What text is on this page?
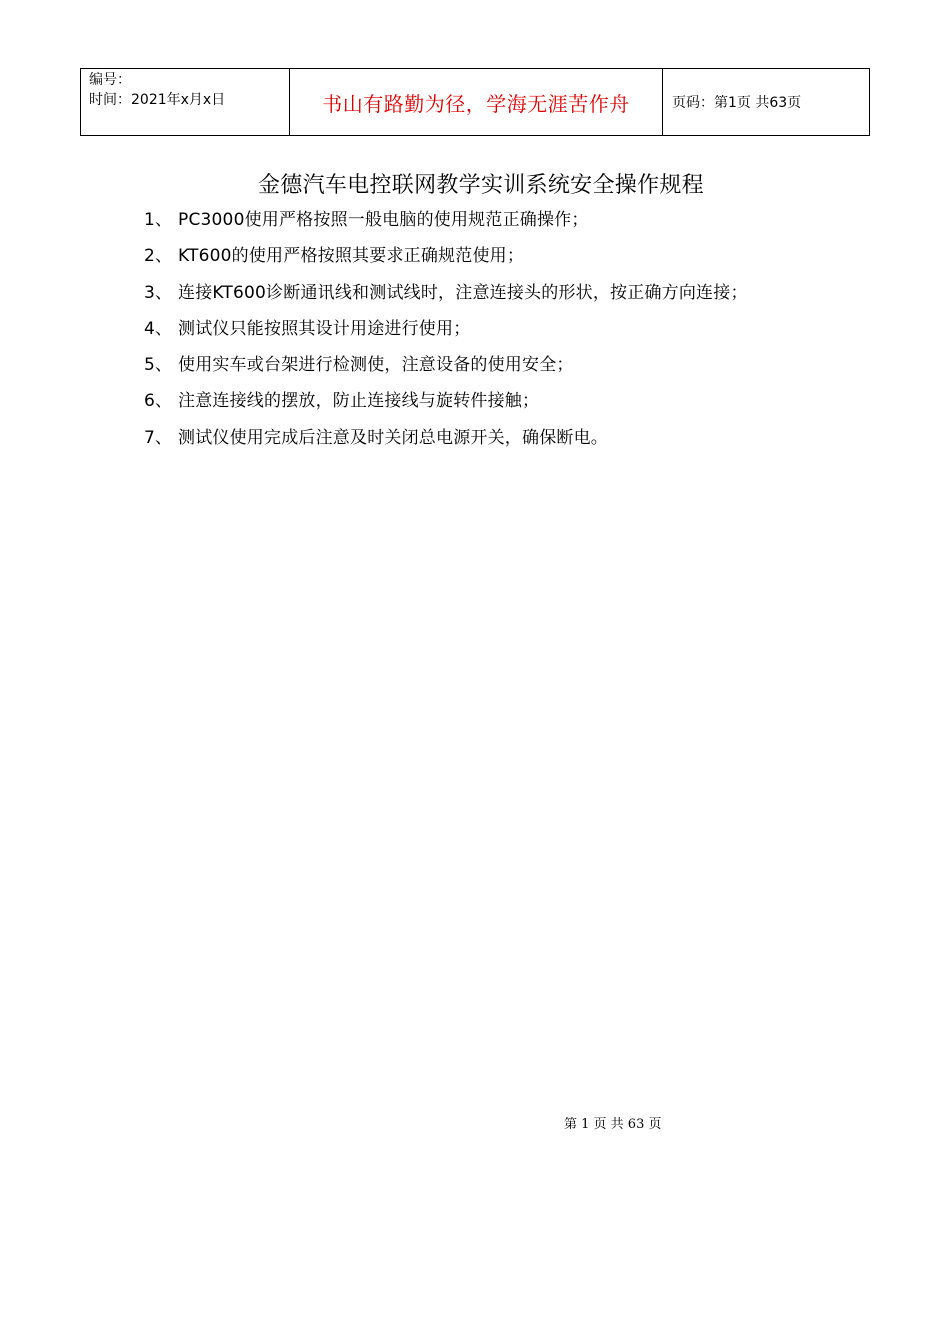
编号：
时间：2021年x月x日	书山有路勤为径，学海无涯苦作舟	页码：第1页 共63页
金德汽车电控联网教学实训系统安全操作规程
1、 PC3000使用严格按照一般电脑的使用规范正确操作；
2、 KT600的使用严格按照其要求正确规范使用；
3、 连接KT600诊断通讯线和测试线时，注意连接头的形状，按正确方向连接；
4、 测试仪只能按照其设计用途进行使用；
5、 使用实车或台架进行检测使，注意设备的使用安全；
6、 注意连接线的摆放，防止连接线与旋转件接触；
7、 测试仪使用完成后注意及时关闭总电源开关，确保断电。
第 1 页 共 63 页
